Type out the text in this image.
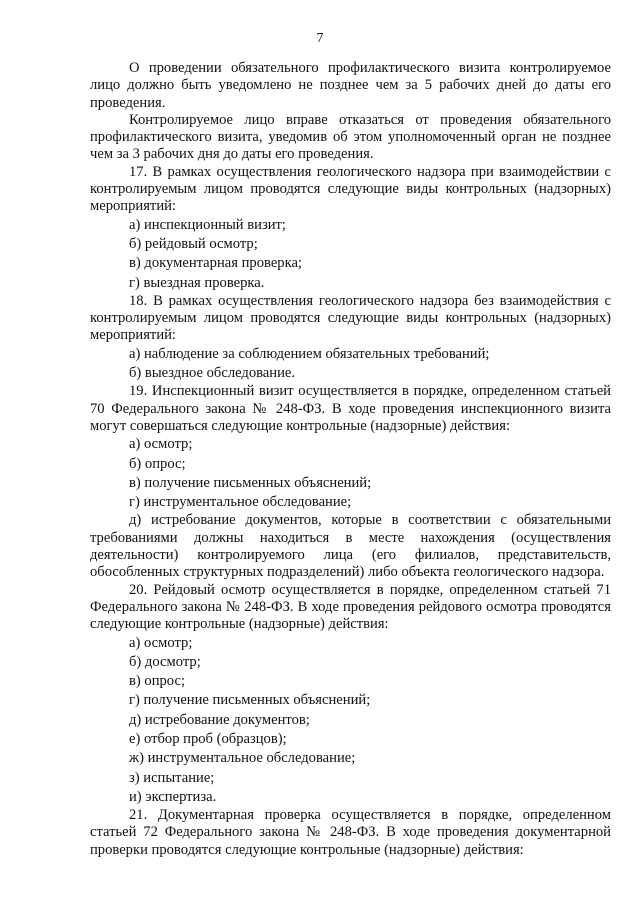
7

О проведении обязательного профилактического визита контролируемое лицо должно быть уведомлено не позднее чем за 5 рабочих дней до даты его проведения.

Контролируемое лицо вправе отказаться от проведения обязательного профилактического визита, уведомив об этом уполномоченный орган не позднее чем за 3 рабочих дня до даты его проведения.

17. В рамках осуществления геологического надзора при взаимодействии с контролируемым лицом проводятся следующие виды контрольных (надзорных) мероприятий:

а) инспекционный визит;

б) рейдовый осмотр;

в) документарная проверка;

г) выездная проверка.

18. В рамках осуществления геологического надзора без взаимодействия с контролируемым лицом проводятся следующие виды контрольных (надзорных) мероприятий:

а) наблюдение за соблюдением обязательных требований;

б) выездное обследование.

19. Инспекционный визит осуществляется в порядке, определенном статьей 70 Федерального закона № 248-ФЗ. В ходе проведения инспекционного визита могут совершаться следующие контрольные (надзорные) действия:

а) осмотр;

б) опрос;

в) получение письменных объяснений;

г) инструментальное обследование;

д) истребование документов, которые в соответствии с обязательными требованиями должны находиться в месте нахождения (осуществления деятельности) контролируемого лица (его филиалов, представительств, обособленных структурных подразделений) либо объекта геологического надзора.

20. Рейдовый осмотр осуществляется в порядке, определенном статьей 71 Федерального закона № 248-ФЗ. В ходе проведения рейдового осмотра проводятся следующие контрольные (надзорные) действия:

а) осмотр;

б) досмотр;

в) опрос;

г) получение письменных объяснений;

д) истребование документов;

е) отбор проб (образцов);

ж) инструментальное обследование;

з) испытание;

и) экспертиза.

21. Документарная проверка осуществляется в порядке, определенном статьей 72 Федерального закона № 248-ФЗ. В ходе проведения документарной проверки проводятся следующие контрольные (надзорные) действия:
